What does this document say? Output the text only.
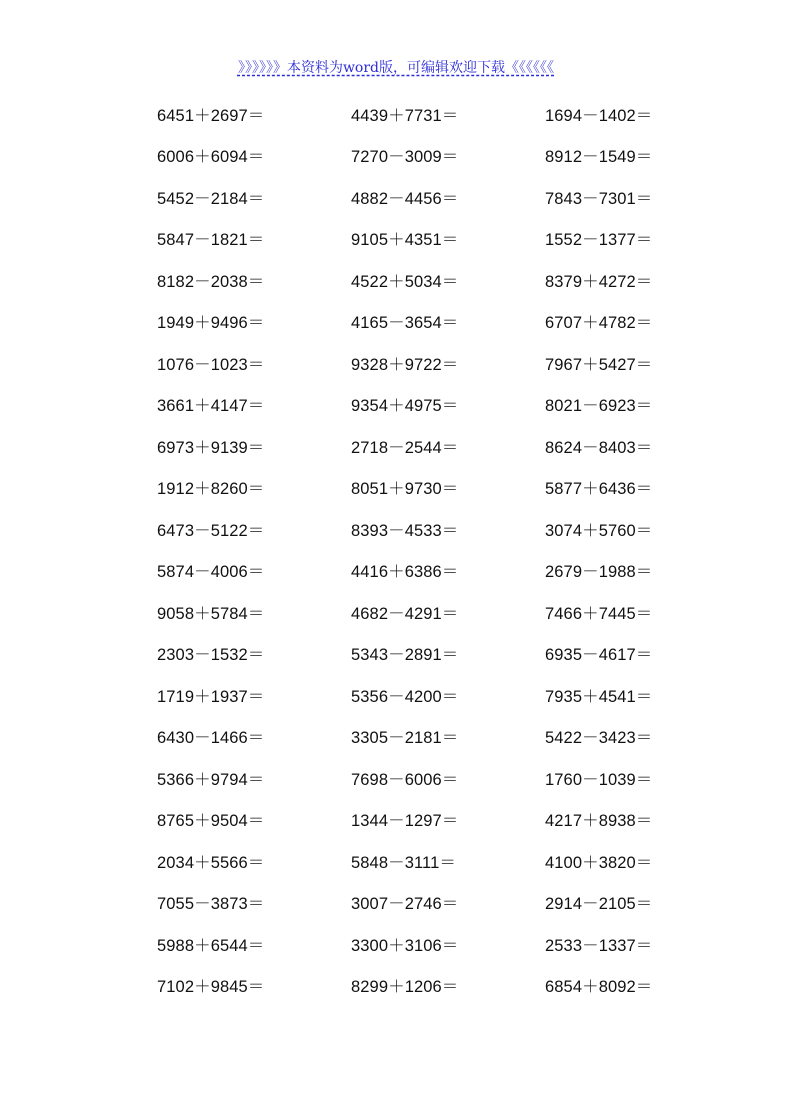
》》》》》》本资料为word版，可编辑欢迎下载《《《《《《
6451＋2697＝	4439＋7731＝	1694－1402＝
6006＋6094＝	7270－3009＝	8912－1549＝
5452－2184＝	4882－4456＝	7843－7301＝
5847－1821＝	9105＋4351＝	1552－1377＝
8182－2038＝	4522＋5034＝	8379＋4272＝
1949＋9496＝	4165－3654＝	6707＋4782＝
1076－1023＝	9328＋9722＝	7967＋5427＝
3661＋4147＝	9354＋4975＝	8021－6923＝
6973＋9139＝	2718－2544＝	8624－8403＝
1912＋8260＝	8051＋9730＝	5877＋6436＝
6473－5122＝	8393－4533＝	3074＋5760＝
5874－4006＝	4416＋6386＝	2679－1988＝
9058＋5784＝	4682－4291＝	7466＋7445＝
2303－1532＝	5343－2891＝	6935－4617＝
1719＋1937＝	5356－4200＝	7935＋4541＝
6430－1466＝	3305－2181＝	5422－3423＝
5366＋9794＝	7698－6006＝	1760－1039＝
8765＋9504＝	1344－1297＝	4217＋8938＝
2034＋5566＝	5848－3111＝	4100＋3820＝
7055－3873＝	3007－2746＝	2914－2105＝
5988＋6544＝	3300＋3106＝	2533－1337＝
7102＋9845＝	8299＋1206＝	6854＋8092＝
